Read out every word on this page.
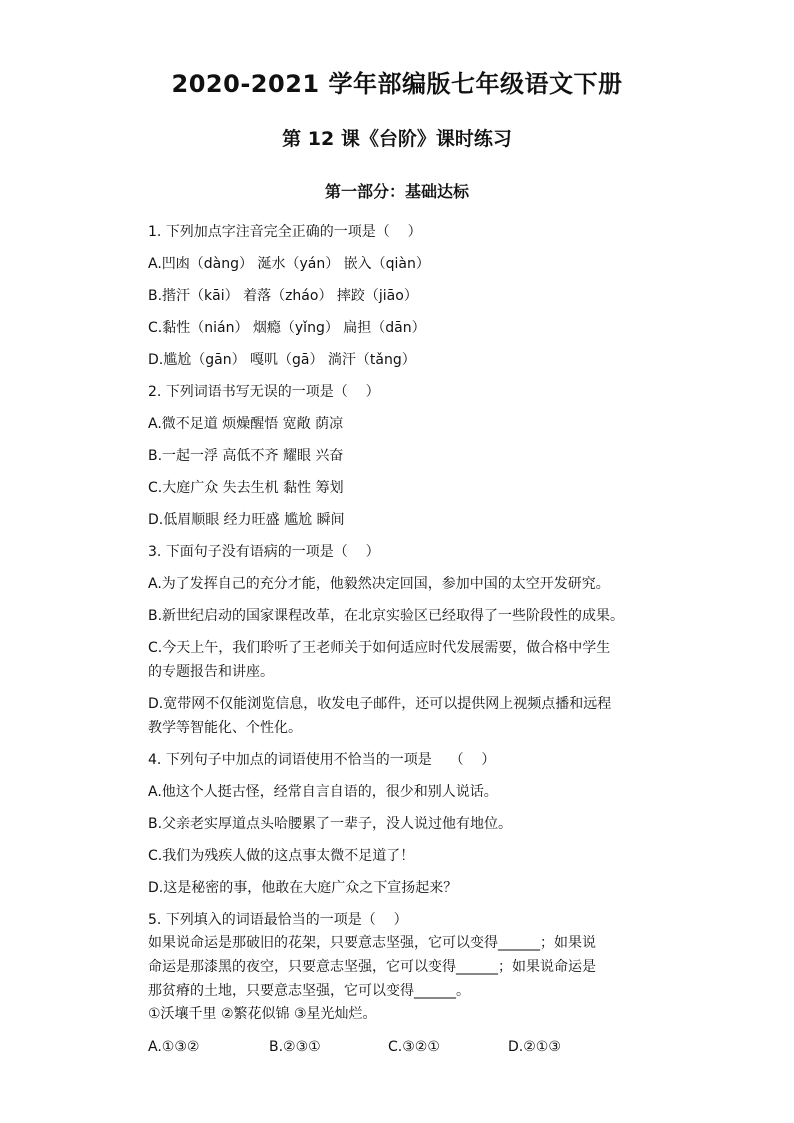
2020-2021 学年部编版七年级语文下册
第 12 课《台阶》课时练习
第一部分：基础达标

1. 下列加点字注音完全正确的一项是（    ）

A.凹凼（dàng） 涎水（yán） 嵌入（qiàn）

B.揩汗（kāi） 着落（zháo） 摔跤（jiāo）

C.黏性（nián） 烟瘾（yǐng） 扁担（dān）

D.尴尬（gān） 嘎叽（gā） 淌汗（tǎng）

2. 下列词语书写无误的一项是（    ）

A.微不足道 烦燥醒悟 宽敞 荫凉

B.一起一浮 高低不齐 耀眼 兴奋

C.大庭广众 失去生机 黏性 筹划

D.低眉顺眼 经力旺盛 尴尬 瞬间

3. 下面句子没有语病的一项是（    ）

A.为了发挥自己的充分才能，他毅然决定回国，参加中国的太空开发研究。

B.新世纪启动的国家课程改革，在北京实验区已经取得了一些阶段性的成果。

C.今天上午，我们聆听了王老师关于如何适应时代发展需要，做合格中学生

的专题报告和讲座。

D.宽带网不仅能浏览信息，收发电子邮件，还可以提供网上视频点播和远程

教学等智能化、个性化。

4. 下列句子中加点的词语使用不恰当的一项是    （    ）

A.他这个人挺古怪，经常自言自语的，很少和别人说话。

B.父亲老实厚道点头哈腰累了一辈子，没人说过他有地位。

C.我们为残疾人做的这点事太微不足道了！

D.这是秘密的事，他敢在大庭广众之下宣扬起来？

5. 下列填入的词语最恰当的一项是（    ）

如果说命运是那破旧的花架，只要意志坚强，它可以变得______；如果说

命运是那漆黑的夜空，只要意志坚强，它可以变得______；如果说命运是

那贫瘠的土地，只要意志坚强，它可以变得______。

①沃壤千里 ②繁花似锦 ③星光灿烂。

A.①③②	B.②③①	C.③②①	D.②①③
